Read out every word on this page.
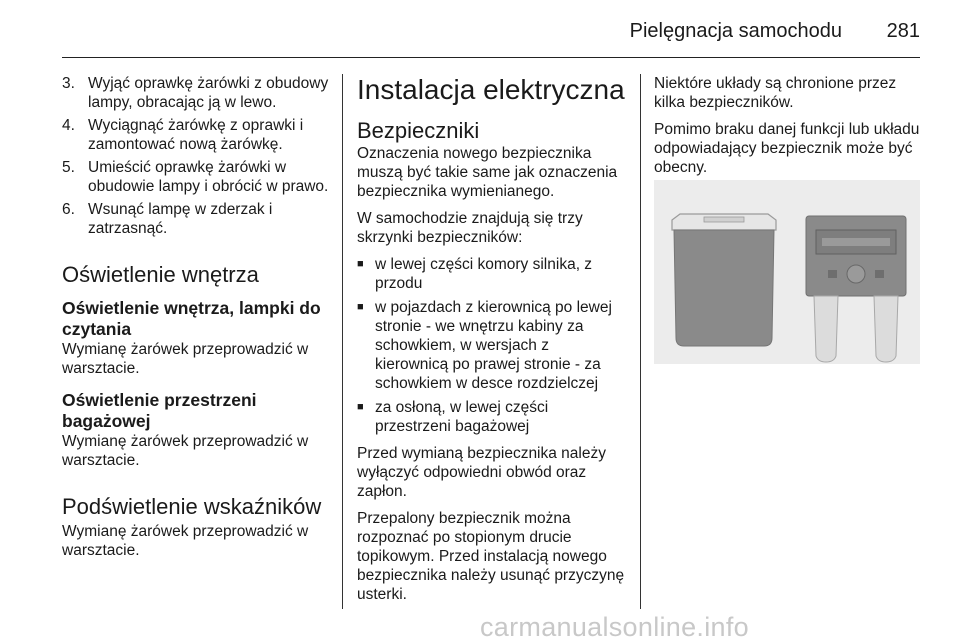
Pielęgnacja samochodu 281
3. Wyjąć oprawkę żarówki z obudowy lampy, obracając ją w lewo.
4. Wyciągnąć żarówkę z oprawki i zamontować nową żarówkę.
5. Umieścić oprawkę żarówki w obudowie lampy i obrócić w prawo.
6. Wsunąć lampę w zderzak i zatrzasnąć.
Oświetlenie wnętrza
Oświetlenie wnętrza, lampki do czytania

Wymianę żarówek przeprowadzić w warsztacie.

Oświetlenie przestrzeni bagażowej

Wymianę żarówek przeprowadzić w warsztacie.

Podświetlenie wskaźników

Wymianę żarówek przeprowadzić w warsztacie.

Instalacja elektryczna
Bezpieczniki

Oznaczenia nowego bezpiecznika muszą być takie same jak oznaczenia bezpiecznika wymienianego.

W samochodzie znajdują się trzy skrzynki bezpieczników:

■ w lewej części komory silnika, z przodu
■ w pojazdach z kierownicą po lewej stronie - we wnętrzu kabiny za schowkiem, w wersjach z kierownicą po prawej stronie - za schowkiem w desce rozdzielczej
■ za osłoną, w lewej części przestrzeni bagażowej

Przed wymianą bezpiecznika należy wyłączyć odpowiedni obwód oraz zapłon.

Przepalony bezpiecznik można rozpoznać po stopionym drucie topikowym. Przed instalacją nowego bezpiecznika należy usunąć przyczynę usterki.

Niektóre układy są chronione przez kilka bezpieczników.

Pomimo braku danej funkcji lub układu odpowiadający bezpiecznik może być obecny.

carmanualsonline.info
